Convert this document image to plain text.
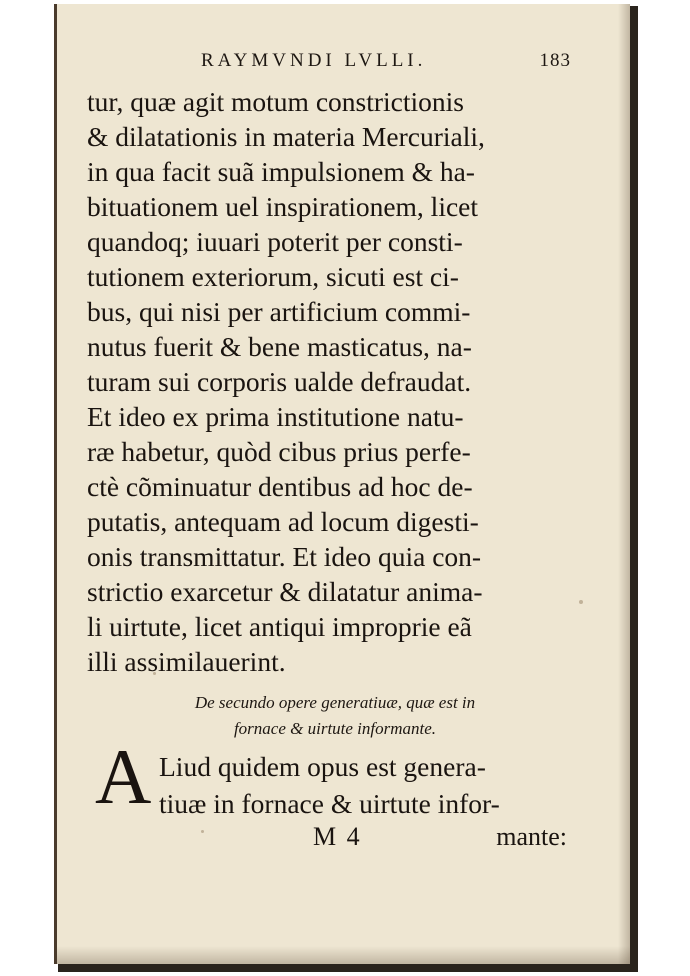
RAYMVNDI LVLLI.	183
tur, quæ agit motum constrictionis
& dilatationis in materia Mercuriali,
in qua facit suã impulsionem & ha-
bituationem uel inspirationem, licet
quandoq; iuuari poterit per consti-
tutionem exteriorum, sicuti est ci-
bus, qui nisi per artificium commi-
nutus fuerit & bene masticatus, na-
turam sui corporis ualde defraudat.
Et ideo ex prima institutione natu-
ræ habetur, quòd cibus prius perfe-
ctè cõminuatur dentibus ad hoc de-
putatis, antequam ad locum digesti-
onis transmittatur. Et ideo quia con-
strictio exarcetur & dilatatur anima-
li uirtute, licet antiqui improprie eã
illi assimilauerint.
De secundo opere generatiuæ, quæ est in
fornace & uirtute informante.
A Liud quidem opus est genera-
tiuæ in fornace & uirtute infor-
M 4	mante:
